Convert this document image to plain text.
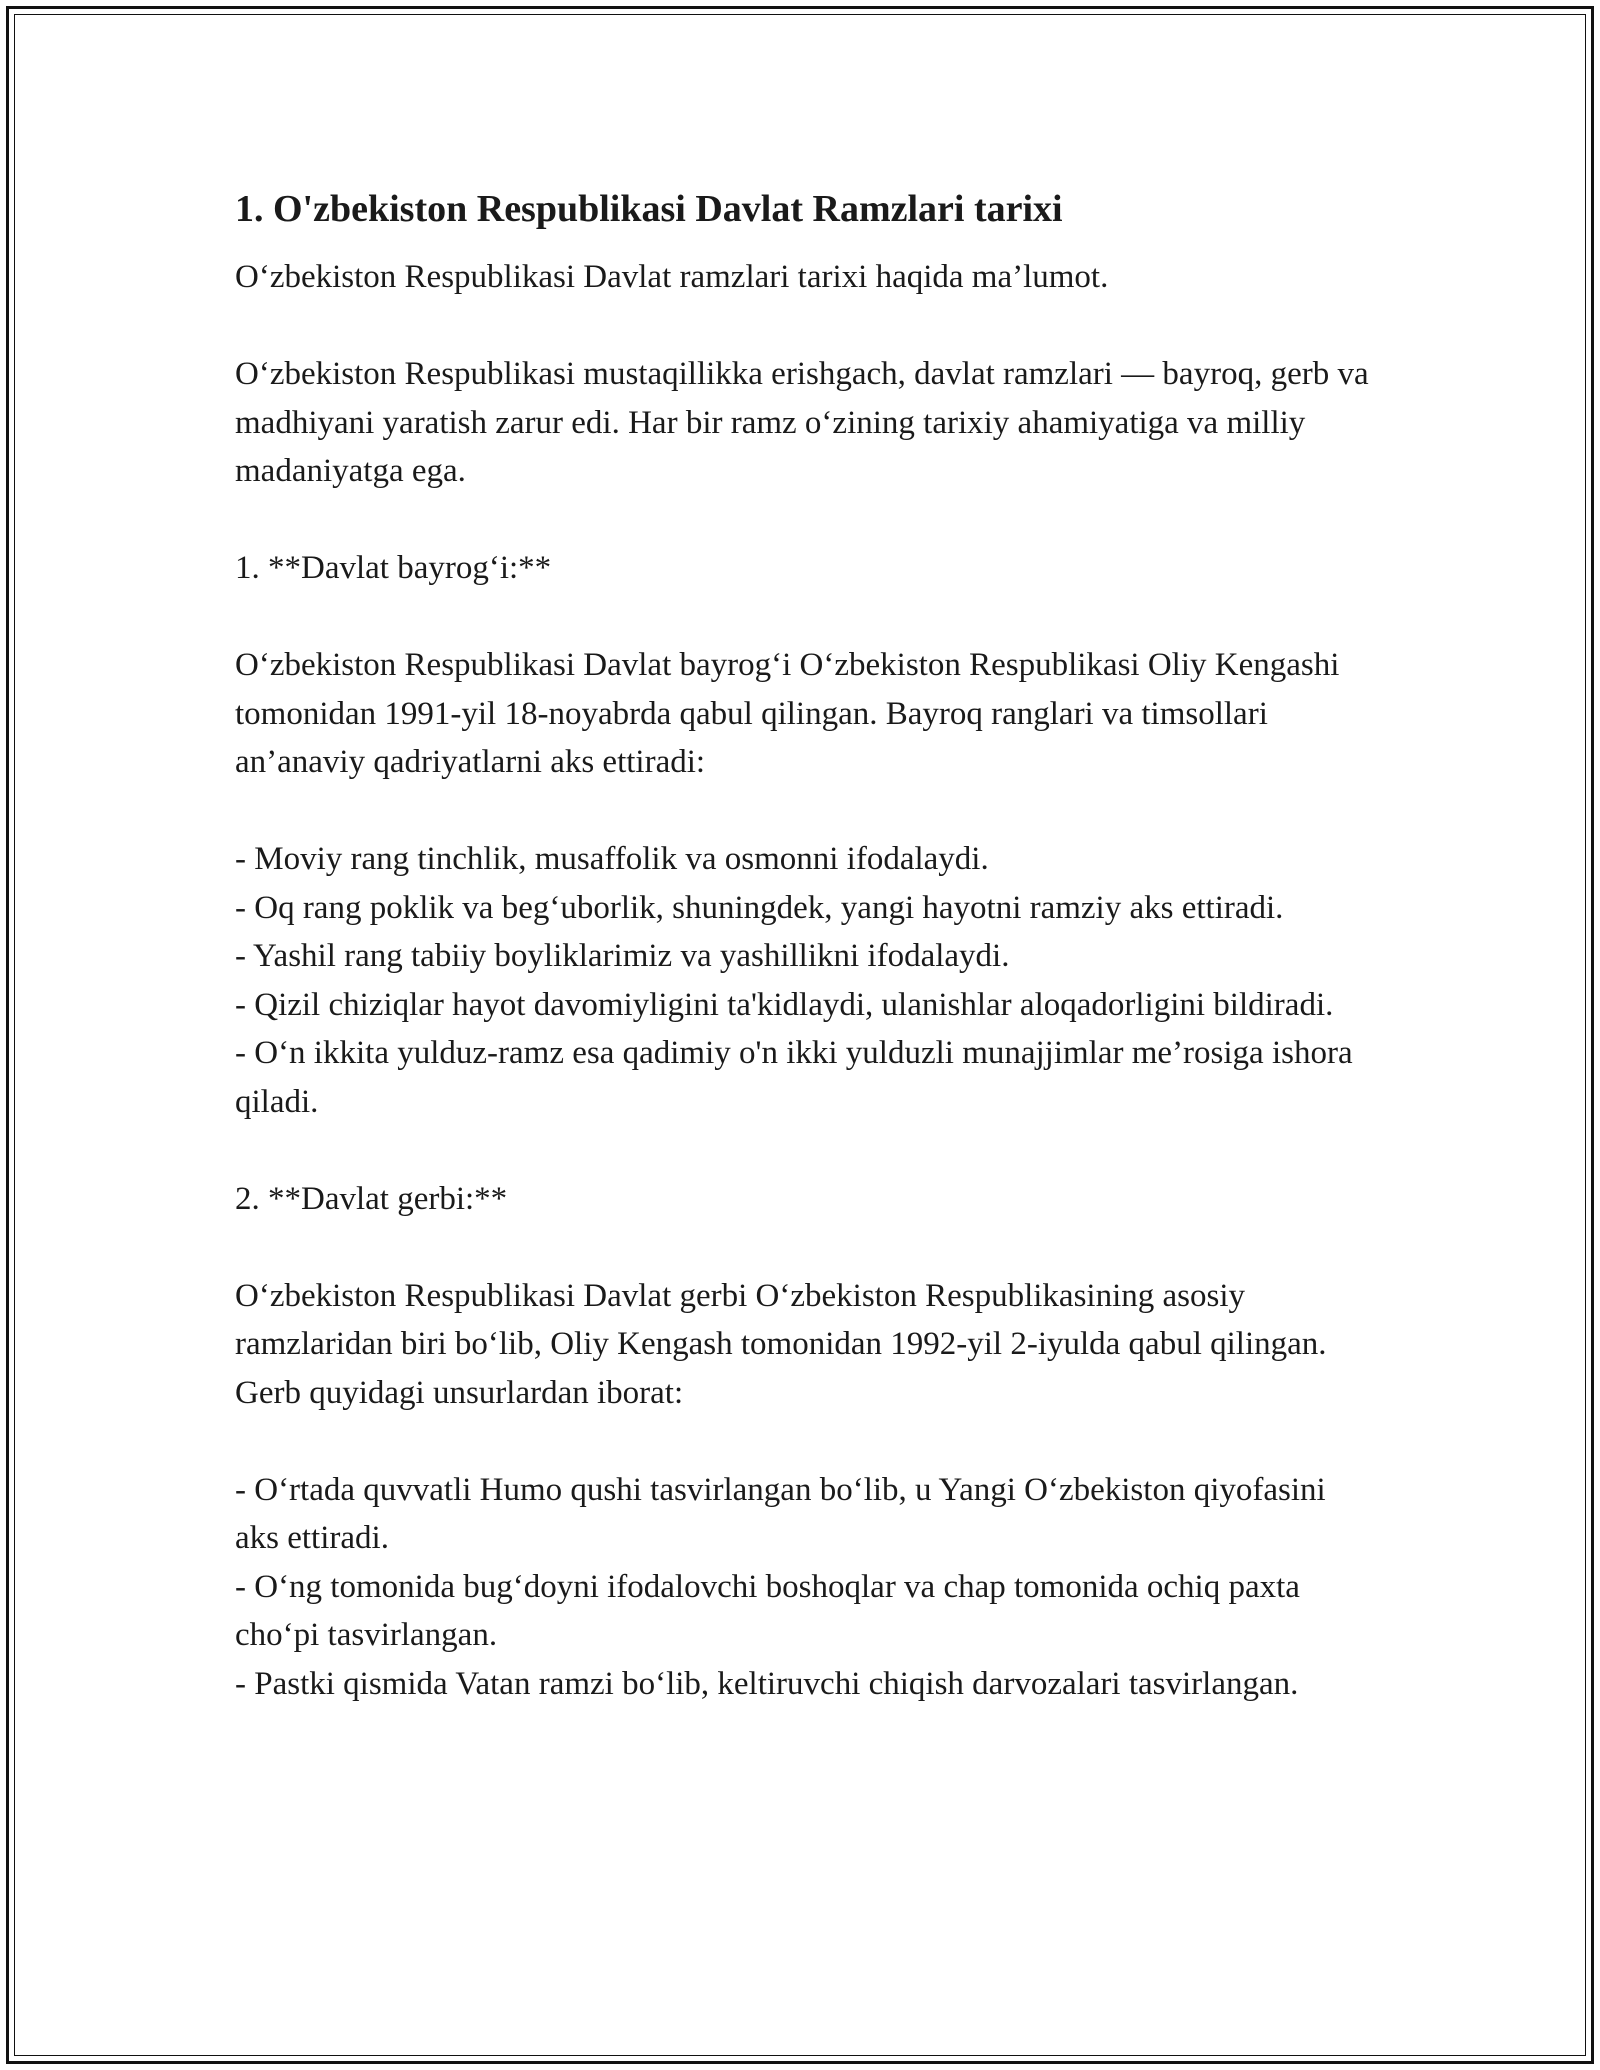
1. O'zbekiston Respublikasi Davlat Ramzlari tarixi

O‘zbekiston Respublikasi Davlat ramzlari tarixi haqida ma’lumot.

O‘zbekiston Respublikasi mustaqillikka erishgach, davlat ramzlari — bayroq, gerb va madhiyani yaratish zarur edi. Har bir ramz o‘zining tarixiy ahamiyatiga va milliy madaniyatga ega.

1. **Davlat bayrog‘i:**

O‘zbekiston Respublikasi Davlat bayrog‘i O‘zbekiston Respublikasi Oliy Kengashi tomonidan 1991-yil 18-noyabrda qabul qilingan. Bayroq ranglari va timsollari an’anaviy qadriyatlarni aks ettiradi:

- Moviy rang tinchlik, musaffolik va osmonni ifodalaydi.
- Oq rang poklik va beg‘uborlik, shuningdek, yangi hayotni ramziy aks ettiradi.
- Yashil rang tabiiy boyliklarimiz va yashillikni ifodalaydi.
- Qizil chiziqlar hayot davomiyligini ta'kidlaydi, ulanishlar aloqadorligini bildiradi.
- O‘n ikkita yulduz-ramz esa qadimiy o'n ikki yulduzli munajjimlar me’rosiga ishora qiladi.

2. **Davlat gerbi:**

O‘zbekiston Respublikasi Davlat gerbi O‘zbekiston Respublikasining asosiy ramzlaridan biri bo‘lib, Oliy Kengash tomonidan 1992-yil 2-iyulda qabul qilingan. Gerb quyidagi unsurlardan iborat:

- O‘rtada quvvatli Humo qushi tasvirlangan bo‘lib, u Yangi O‘zbekiston qiyofasini aks ettiradi.
- O‘ng tomonida bug‘doyni ifodalovchi boshoqlar va chap tomonida ochiq paxta cho‘pi tasvirlangan.
- Pastki qismida Vatan ramzi bo‘lib, keltiruvchi chiqish darvozalari tasvirlangan.
